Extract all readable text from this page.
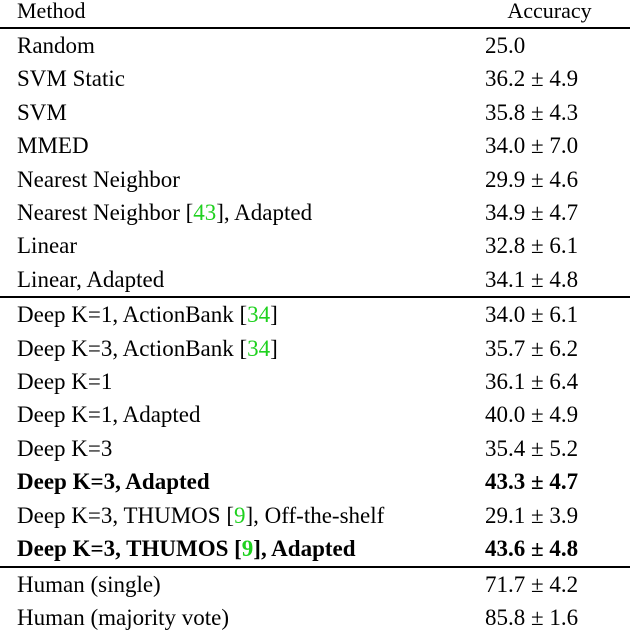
Method	Accuracy
Random	25.0
SVM Static	36.2 ± 4.9
SVM	35.8 ± 4.3
MMED	34.0 ± 7.0
Nearest Neighbor	29.9 ± 4.6
Nearest Neighbor [43], Adapted	34.9 ± 4.7
Linear	32.8 ± 6.1
Linear, Adapted	34.1 ± 4.8
Deep K=1, ActionBank [34]	34.0 ± 6.1
Deep K=3, ActionBank [34]	35.7 ± 6.2
Deep K=1	36.1 ± 6.4
Deep K=1, Adapted	40.0 ± 4.9
Deep K=3	35.4 ± 5.2
Deep K=3, Adapted	43.3 ± 4.7
Deep K=3, THUMOS [9], Off-the-shelf	29.1 ± 3.9
Deep K=3, THUMOS [9], Adapted	43.6 ± 4.8
Human (single)	71.7 ± 4.2
Human (majority vote)	85.8 ± 1.6
